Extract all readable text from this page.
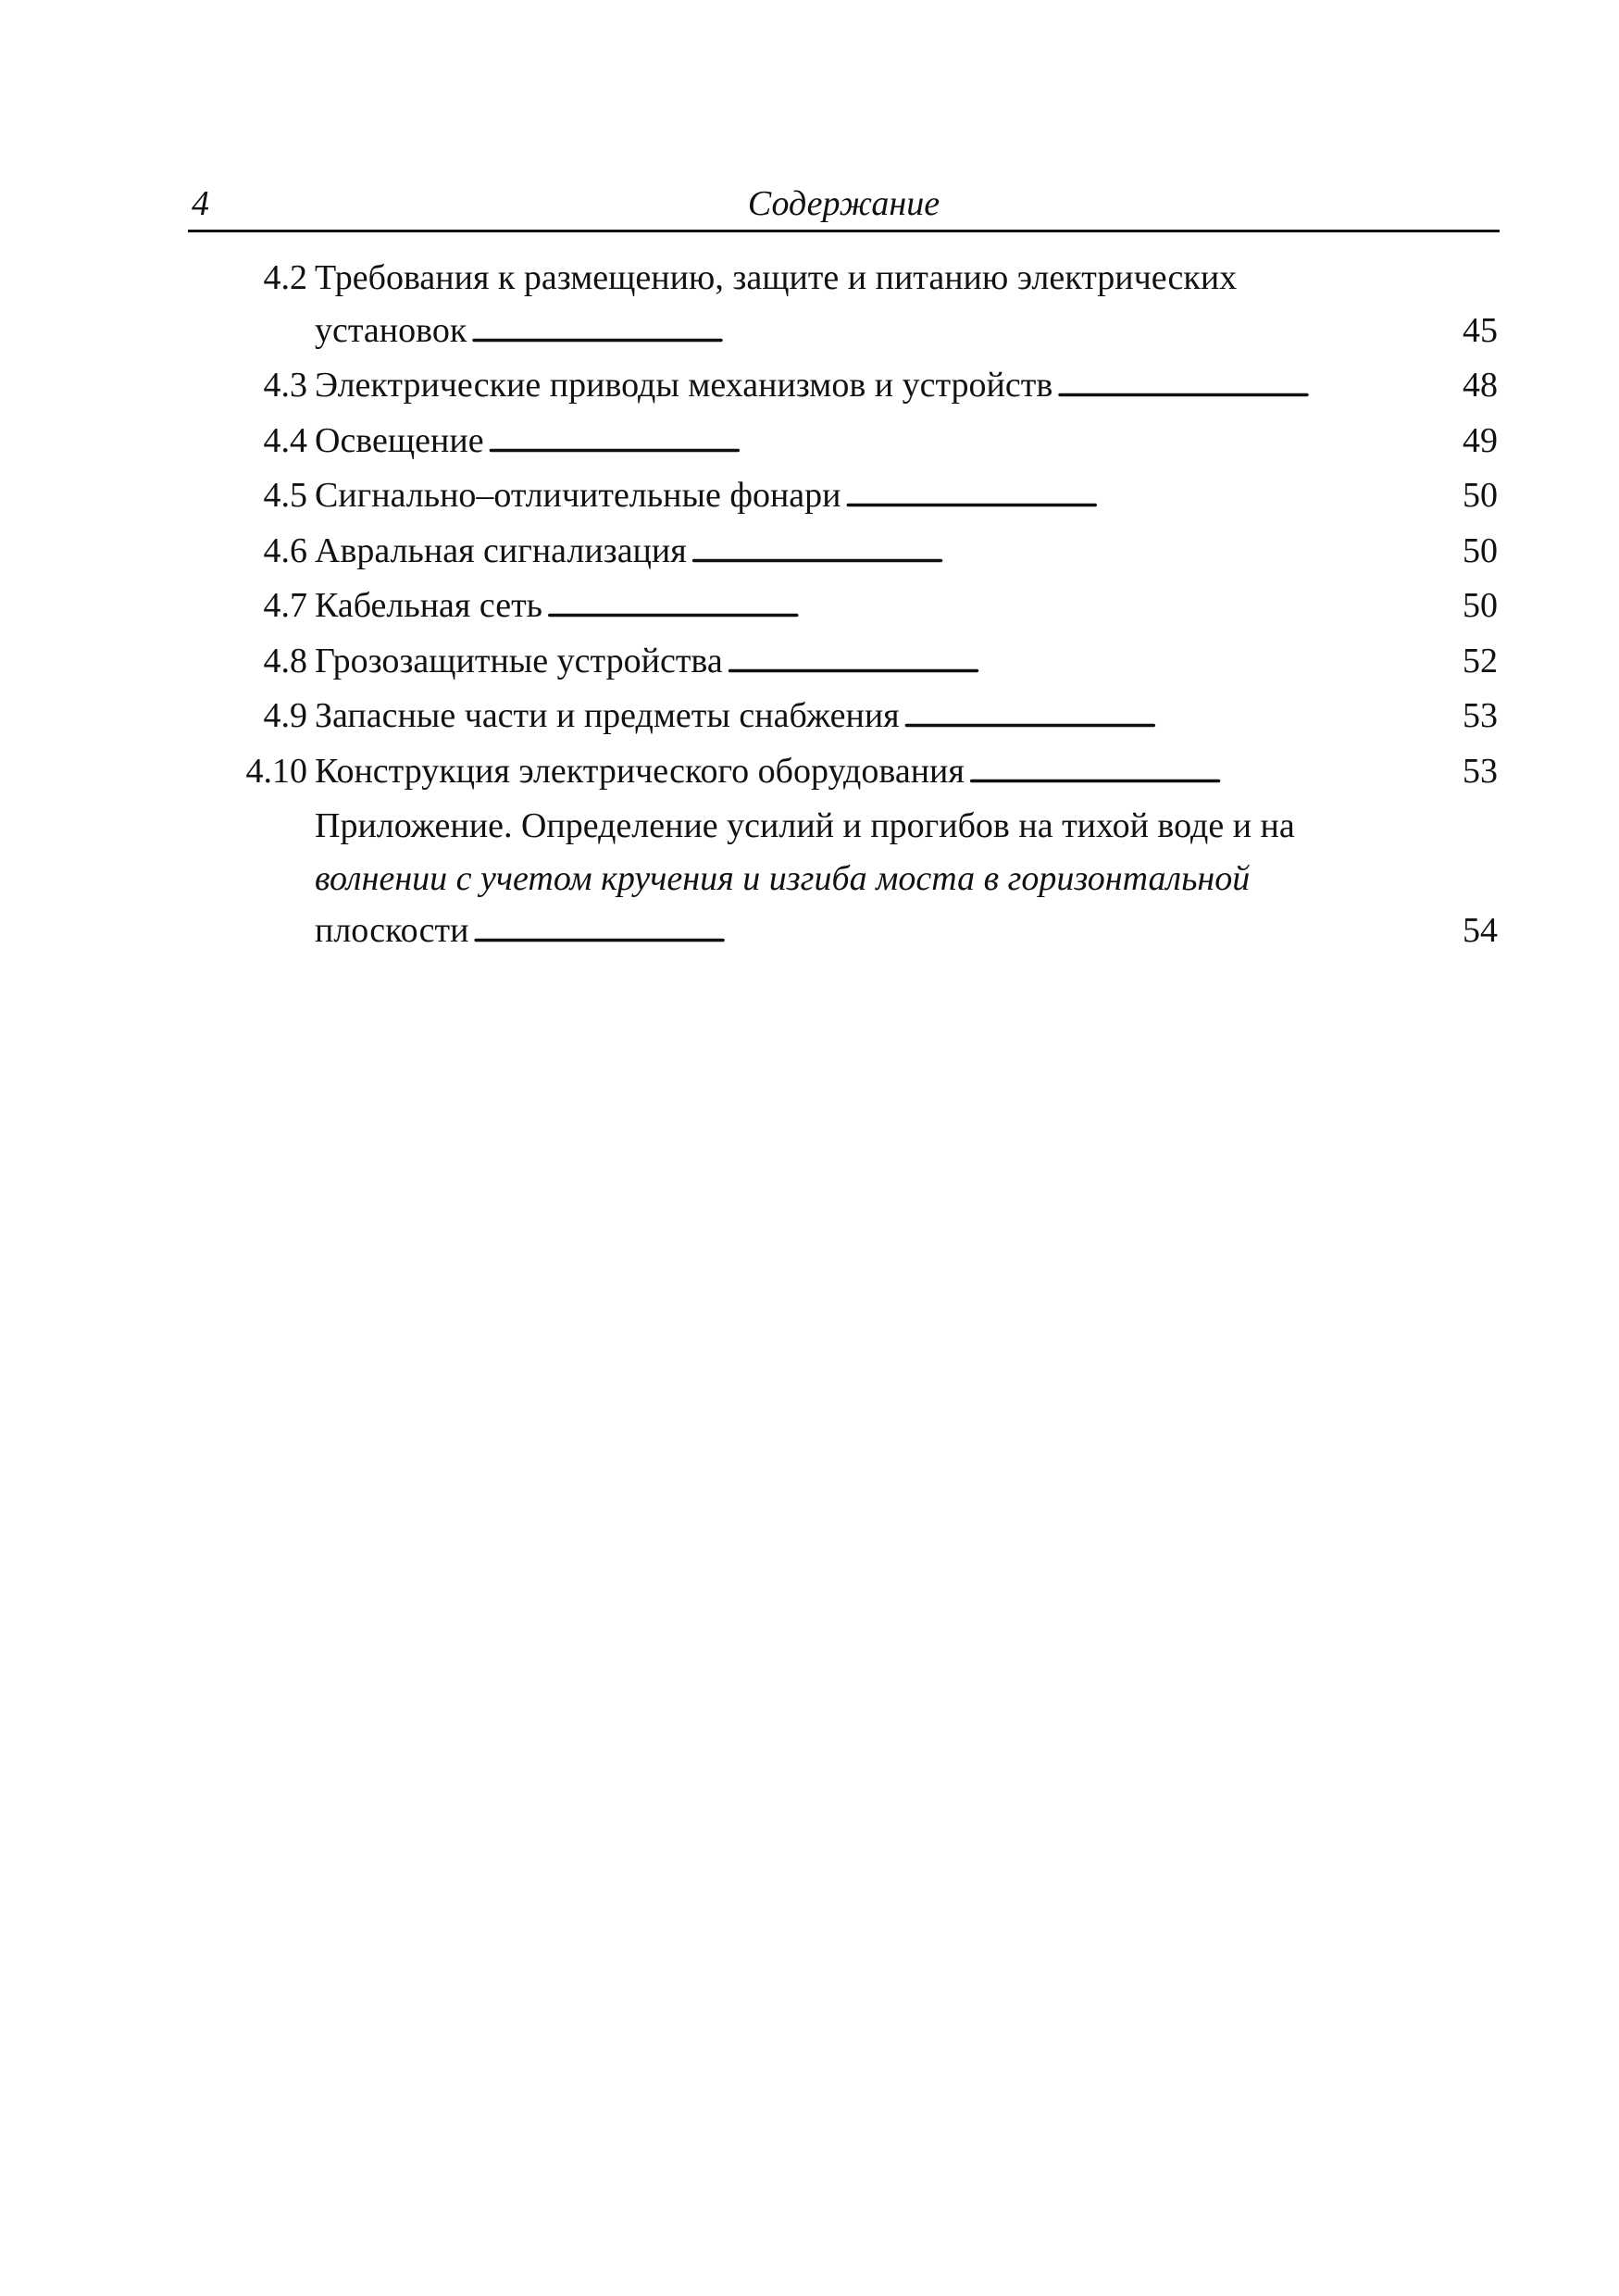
4	Содержание
4.2 Требования к размещению, защите и питанию электрических
установок . . .	45
4.3 Электрические приводы механизмов и устройств . . .	48
4.4 Освещение . . .	49
4.5 Сигнально–отличительные фонари . . .	50
4.6 Авральная сигнализация . . .	50
4.7 Кабельная сеть . . .	50
4.8 Грозозащитные устройства . . .	52
4.9 Запасные части и предметы снабжения . . .	53
4.10 Конструкция электрического оборудования . . .	53
Приложение. Определение усилий и прогибов на тихой воде и на
волнении с учетом кручения и изгиба моста в горизонтальной
плоскости . . .	54
